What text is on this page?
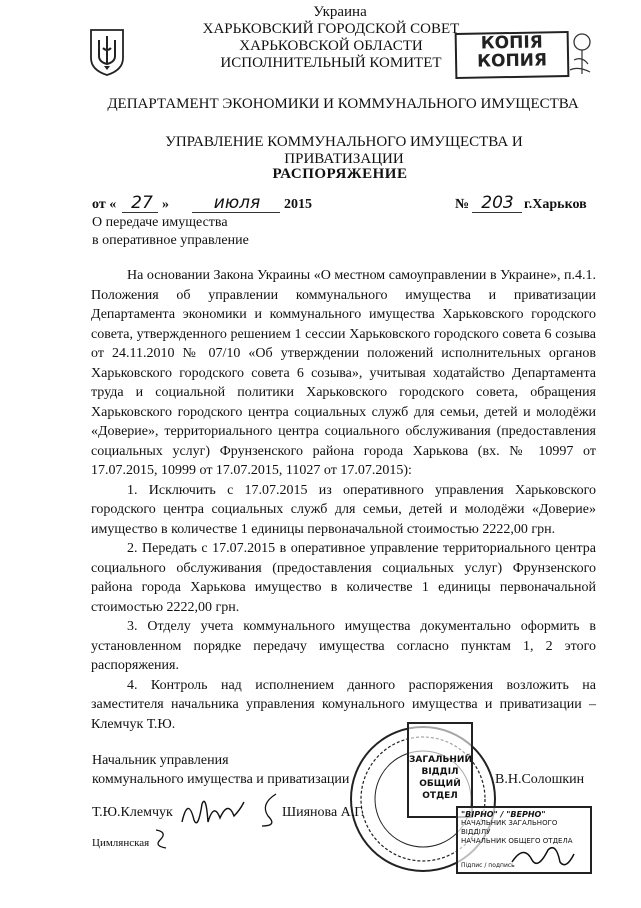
Украина
ХАРЬКОВСКИЙ ГОРОДСКОЙ СОВЕТ
ХАРЬКОВСКОЙ ОБЛАСТИ
ИСПОЛНИТЕЛЬНЫЙ КОМИТЕТ
ДЕПАРТАМЕНТ ЭКОНОМИКИ И КОММУНАЛЬНОГО ИМУЩЕСТВА
УПРАВЛЕНИЕ КОММУНАЛЬНОГО ИМУЩЕСТВА И ПРИВАТИЗАЦИИ
РАСПОРЯЖЕНИЕ
КОПІЯ
КОПИЯ
от « 27 »	июля	2015	№ 203 г.Харьков
О передаче имущества
в оперативное управление

На основании Закона Украины «О местном самоуправлении в Украине», п.4.1. Положения об управлении коммунального имущества и приватизации Департамента экономики и коммунального имущества Харьковского городского совета, утвержденного решением 1 сессии Харьковского городского совета 6 созыва от 24.11.2010 № 07/10 «Об утверждении положений исполнительных органов Харьковского городского совета 6 созыва», учитывая ходатайство Департамента труда и социальной политики Харьковского городского совета, обращения Харьковского городского центра социальных служб для семьи, детей и молодёжи «Доверие», территориального центра социального обслуживания (предоставления социальных услуг) Фрунзенского района города Харькова (вх. № 10997 от 17.07.2015, 10999 от 17.07.2015, 11027 от 17.07.2015):

1. Исключить с 17.07.2015 из оперативного управления Харьковского городского центра социальных служб для семьи, детей и молодёжи «Доверие» имущество в количестве 1 единицы первоначальной стоимостью 2222,00 грн.

2. Передать с 17.07.2015 в оперативное управление территориального центра социального обслуживания (предоставления социальных услуг) Фрунзенского района города Харькова имущество в количестве 1 единицы первоначальной стоимостью 2222,00 грн.

3. Отделу учета коммунального имущества документально оформить в установленном порядке передачу имущества согласно пунктам 1, 2 этого распоряжения.

4. Контроль над исполнением данного распоряжения возложить на заместителя начальника управления комунального имущества и приватизации – Клемчук Т.Ю.

Начальник управления
коммунального имущества и приватизации	В.Н.Солошкин
ЗАГАЛЬНИЙ ВІДДІЛ ОБЩИЙ ОТДЕЛ
Т.Ю.Клемчук	Шиянова А.Г.
Цимлянская
"ВІРНО" / "ВЕРНО"
НАЧАЛЬНИК ЗАГАЛЬНОГО ВІДДІЛУ
НАЧАЛЬНИК ОБЩЕГО ОТДЕЛА
Підпис / подпись
